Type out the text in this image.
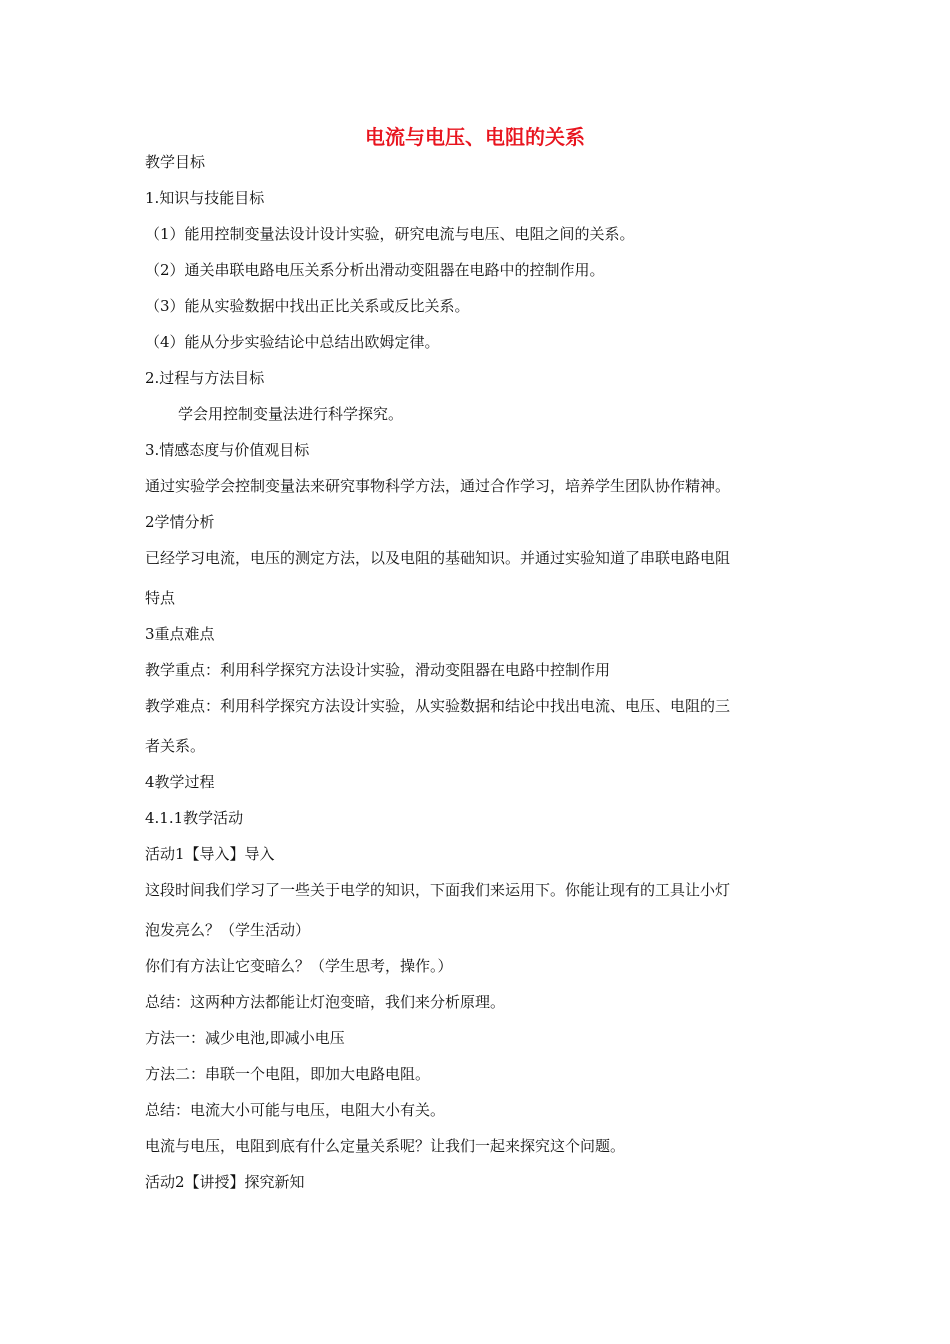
电流与电压、电阻的关系
教学目标
1.知识与技能目标
（1）能用控制变量法设计设计实验，研究电流与电压、电阻之间的关系。
（2）通关串联电路电压关系分析出滑动变阻器在电路中的控制作用。
（3）能从实验数据中找出正比关系或反比关系。
（4）能从分步实验结论中总结出欧姆定律。
2.过程与方法目标
学会用控制变量法进行科学探究。
3.情感态度与价值观目标
通过实验学会控制变量法来研究事物科学方法，通过合作学习，培养学生团队协作精神。
2学情分析
已经学习电流，电压的测定方法，以及电阻的基础知识。并通过实验知道了串联电路电阻
特点
3重点难点
教学重点：利用科学探究方法设计实验，滑动变阻器在电路中控制作用
教学难点：利用科学探究方法设计实验，从实验数据和结论中找出电流、电压、电阻的三
者关系。
4教学过程
4.1.1教学活动
活动1【导入】导入
这段时间我们学习了一些关于电学的知识，下面我们来运用下。你能让现有的工具让小灯
泡发亮么？（学生活动）
你们有方法让它变暗么？（学生思考，操作。）
总结：这两种方法都能让灯泡变暗，我们来分析原理。
方法一：减少电池,即减小电压
方法二：串联一个电阻，即加大电路电阻。
总结：电流大小可能与电压，电阻大小有关。
电流与电压，电阻到底有什么定量关系呢？让我们一起来探究这个问题。
活动2【讲授】探究新知
